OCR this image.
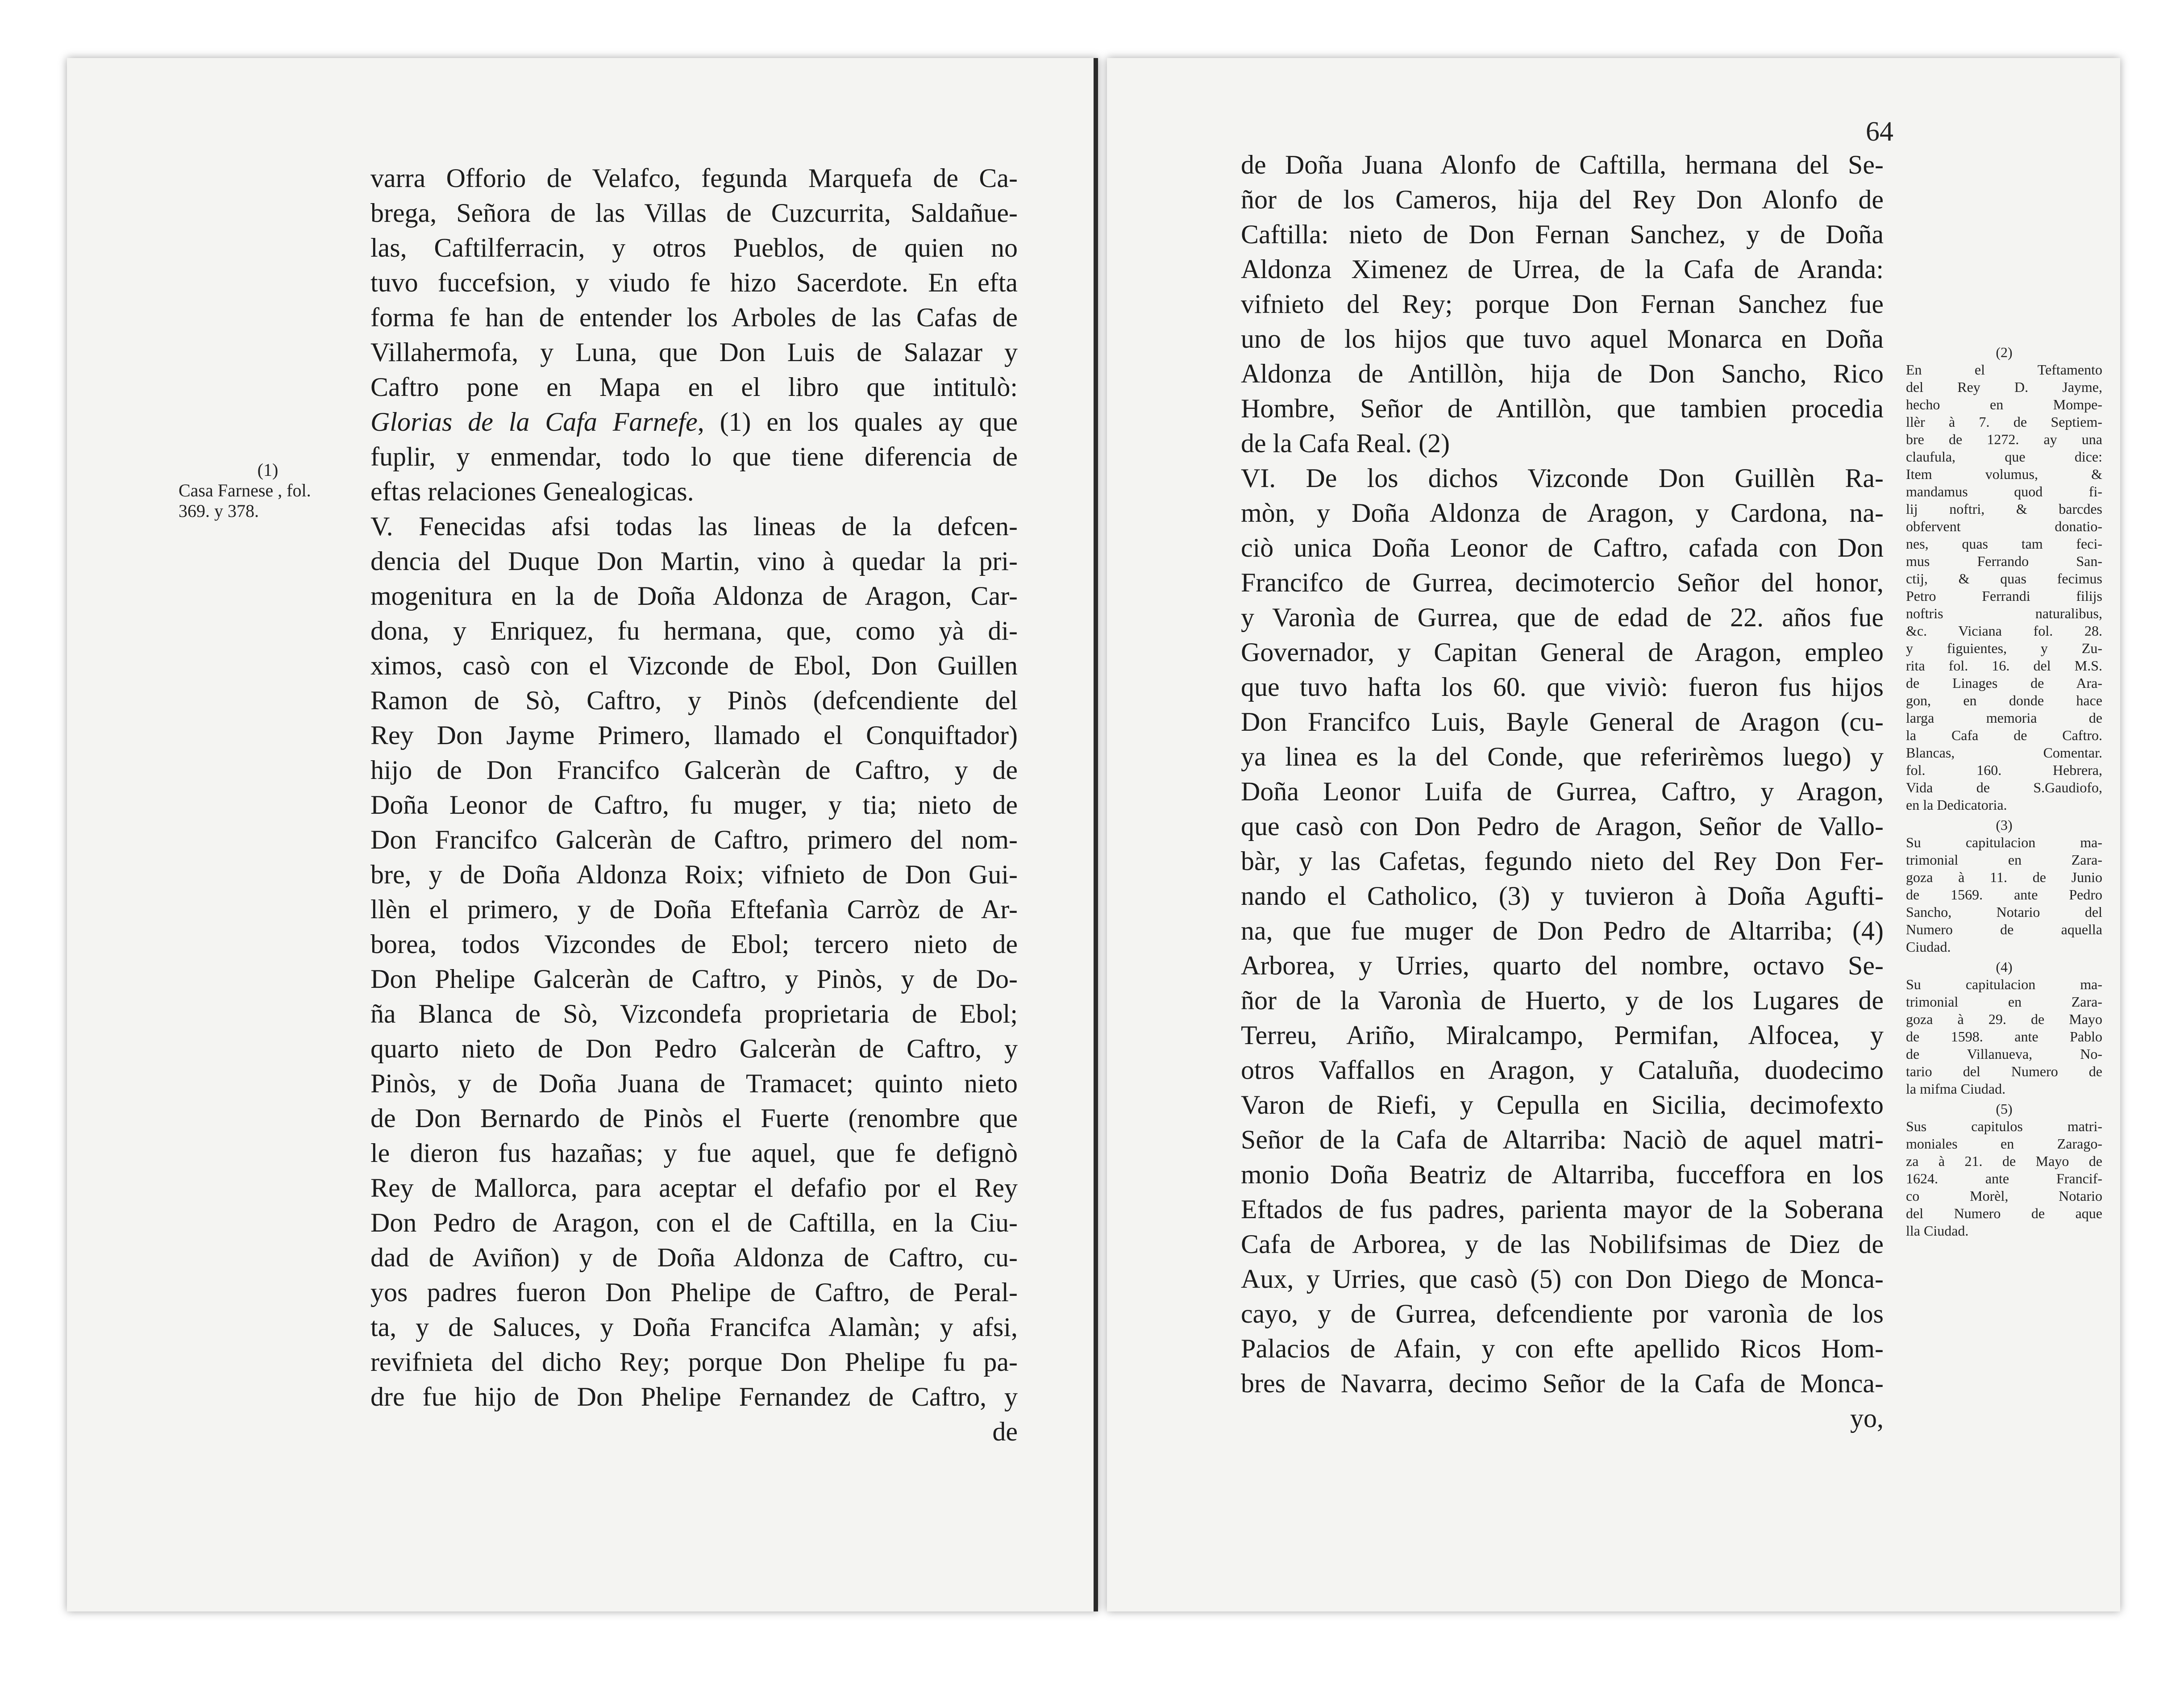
(1)
Casa Farnese , fol.
369. y 378.
varra Offorio de Velafco, fegunda Marquefa de Ca-
brega, Señora de las Villas de Cuzcurrita, Saldañue-
las, Caftilferracin, y otros Pueblos, de quien no
tuvo fuccefsion, y viudo fe hizo Sacerdote. En efta
forma fe han de entender los Arboles de las Cafas de
Villahermofa, y Luna, que Don Luis de Salazar y
Caftro pone en Mapa en el libro que intitulò:
Glorias de la Cafa Farnefe, (1) en los quales ay que
fuplir, y enmendar, todo lo que tiene diferencia de
eftas relaciones Genealogicas.
V. Fenecidas afsi todas las lineas de la defcen-
dencia del Duque Don Martin, vino à quedar la pri-
mogenitura en la de Doña Aldonza de Aragon, Car-
dona, y Enriquez, fu hermana, que, como yà di-
ximos, casò con el Vizconde de Ebol, Don Guillen
Ramon de Sò, Caftro, y Pinòs (defcendiente del
Rey Don Jayme Primero, llamado el Conquiftador)
hijo de Don Francifco Galceràn de Caftro, y de
Doña Leonor de Caftro, fu muger, y tia; nieto de
Don Francifco Galceràn de Caftro, primero del nom-
bre, y de Doña Aldonza Roix; vifnieto de Don Gui-
llèn el primero, y de Doña Eftefanìa Carròz de Ar-
borea, todos Vizcondes de Ebol; tercero nieto de
Don Phelipe Galceràn de Caftro, y Pinòs, y de Do-
ña Blanca de Sò, Vizcondefa proprietaria de Ebol;
quarto nieto de Don Pedro Galceràn de Caftro, y
Pinòs, y de Doña Juana de Tramacet; quinto nieto
de Don Bernardo de Pinòs el Fuerte (renombre que
le dieron fus hazañas; y fue aquel, que fe defignò
Rey de Mallorca, para aceptar el defafio por el Rey
Don Pedro de Aragon, con el de Caftilla, en la Ciu-
dad de Aviñon) y de Doña Aldonza de Caftro, cu-
yos padres fueron Don Phelipe de Caftro, de Peral-
ta, y de Saluces, y Doña Francifca Alamàn; y afsi,
revifnieta del dicho Rey; porque Don Phelipe fu pa-
dre fue hijo de Don Phelipe Fernandez de Caftro, y
de
64
de Doña Juana Alonfo de Caftilla, hermana del Se-
ñor de los Cameros, hija del Rey Don Alonfo de
Caftilla: nieto de Don Fernan Sanchez, y de Doña
Aldonza Ximenez de Urrea, de la Cafa de Aranda:
vifnieto del Rey; porque Don Fernan Sanchez fue
uno de los hijos que tuvo aquel Monarca en Doña
Aldonza de Antillòn, hija de Don Sancho, Rico
Hombre, Señor de Antillòn, que tambien procedia
de la Cafa Real. (2)
VI. De los dichos Vizconde Don Guillèn Ra-
mòn, y Doña Aldonza de Aragon, y Cardona, na-
ciò unica Doña Leonor de Caftro, cafada con Don
Francifco de Gurrea, decimotercio Señor del honor,
y Varonìa de Gurrea, que de edad de 22. años fue
Governador, y Capitan General de Aragon, empleo
que tuvo hafta los 60. que viviò: fueron fus hijos
Don Francifco Luis, Bayle General de Aragon (cu-
ya linea es la del Conde, que referirèmos luego) y
Doña Leonor Luifa de Gurrea, Caftro, y Aragon,
que casò con Don Pedro de Aragon, Señor de Vallo-
bàr, y las Cafetas, fegundo nieto del Rey Don Fer-
nando el Catholico, (3) y tuvieron à Doña Agufti-
na, que fue muger de Don Pedro de Altarriba; (4)
Arborea, y Urries, quarto del nombre, octavo Se-
ñor de la Varonìa de Huerto, y de los Lugares de
Terreu, Ariño, Miralcampo, Permifan, Alfocea, y
otros Vaffallos en Aragon, y Cataluña, duodecimo
Varon de Riefi, y Cepulla en Sicilia, decimofexto
Señor de la Cafa de Altarriba: Naciò de aquel matri-
monio Doña Beatriz de Altarriba, fucceffora en los
Eftados de fus padres, parienta mayor de la Soberana
Cafa de Arborea, y de las Nobilifsimas de Diez de
Aux, y Urries, que casò (5) con Don Diego de Monca-
cayo, y de Gurrea, defcendiente por varonìa de los
Palacios de Afain, y con efte apellido Ricos Hom-
bres de Navarra, decimo Señor de la Cafa de Monca-
yo,
(2)
En el Teftamento
del Rey D. Jayme,
hecho en Mompe-
llèr à 7. de Septiem-
bre de 1272. ay una
claufula, que dice:
Item volumus, &
mandamus quod fi-
lij noftri, & barcdes
obfervent donatio-
nes, quas tam feci-
mus Ferrando San-
ctij, & quas fecimus
Petro Ferrandi filijs
noftris naturalibus,
&c. Viciana fol. 28.
y figuientes, y Zu-
rita fol. 16. del M.S.
de Linages de Ara-
gon, en donde hace
larga memoria de
la Cafa de Caftro.
Blancas, Comentar.
fol. 160. Hebrera,
Vida de S.Gaudiofo,
en la Dedicatoria.
(3)
Su capitulacion ma-
trimonial en Zara-
goza à 11. de Junio
de 1569. ante Pedro
Sancho, Notario del
Numero de aquella
Ciudad.
(4)
Su capitulacion ma-
trimonial en Zara-
goza à 29. de Mayo
de 1598. ante Pablo
de Villanueva, No-
tario del Numero de
la mifma Ciudad.
(5)
Sus capitulos matri-
moniales en Zarago-
za à 21. de Mayo de
1624. ante Francif-
co Morèl, Notario
del Numero de aque
lla Ciudad.
